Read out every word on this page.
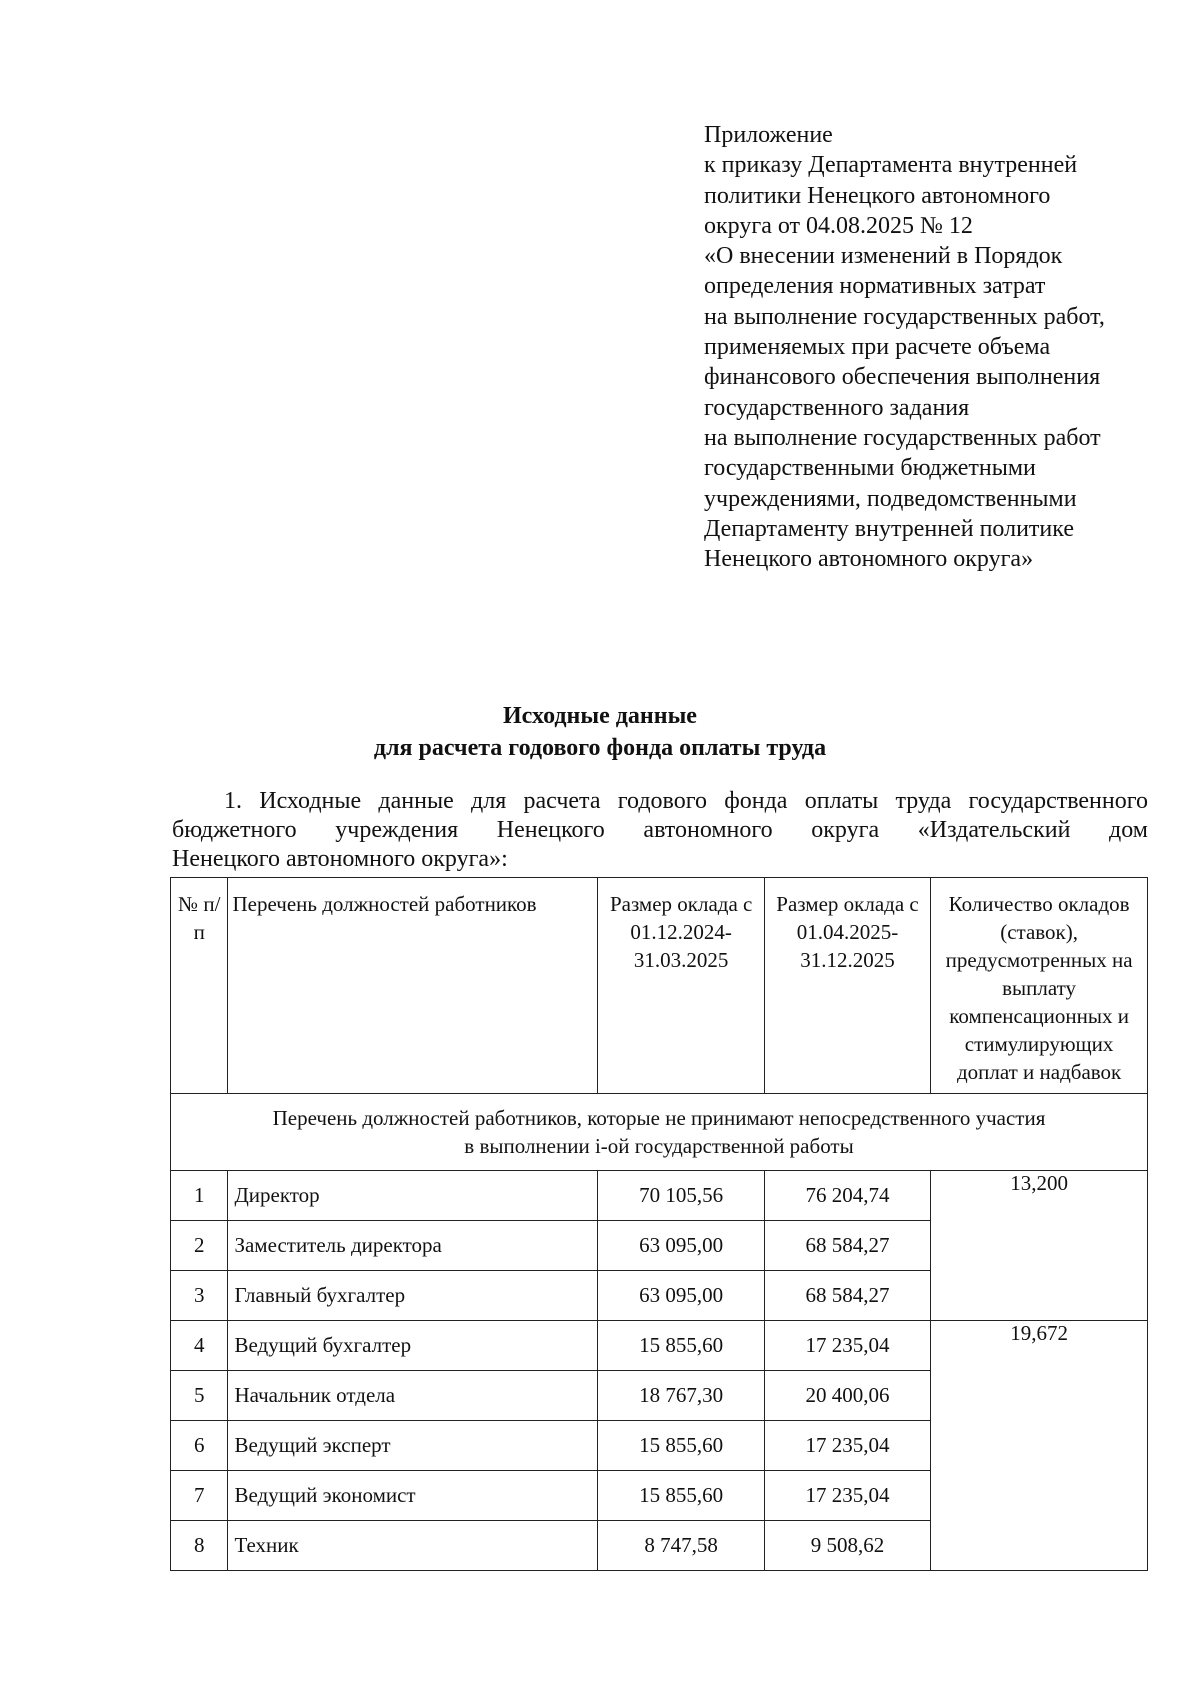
Приложение
к приказу Департамента внутренней
политики Ненецкого автономного
округа от 04.08.2025 № 12
«О внесении изменений в Порядок
определения нормативных затрат
на выполнение государственных работ,
применяемых при расчете объема
финансового обеспечения выполнения
государственного задания
на выполнение государственных работ
государственными бюджетными
учреждениями, подведомственными
Департаменту внутренней политике
Ненецкого автономного округа»
Исходные данные
для расчета годового фонда оплаты труда
1. Исходные данные для расчета годового фонда оплаты труда государственного
бюджетного учреждения Ненецкого автономного округа «Издательский дом
Ненецкого автономного округа»:
№ п/п	Перечень должностей работников	Размер оклада с 01.12.2024-31.03.2025	Размер оклада с 01.04.2025-31.12.2025	Количество окладов (ставок), предусмотренных на выплату компенсационных и стимулирующих доплат и надбавок

Перечень должностей работников, которые не принимают непосредственного участия
в выполнении i-ой государственной работы				

1	Директор	70 105,56	76 204,74	13,200
2	Заместитель директора	63 095,00	68 584,27	
3	Главный бухгалтер	63 095,00	68 584,27	
4	Ведущий бухгалтер	15 855,60	17 235,04	19,672
5	Начальник отдела	18 767,30	20 400,06	
6	Ведущий эксперт	15 855,60	17 235,04	
7	Ведущий экономист	15 855,60	17 235,04	
8	Техник	8 747,58	9 508,62	
